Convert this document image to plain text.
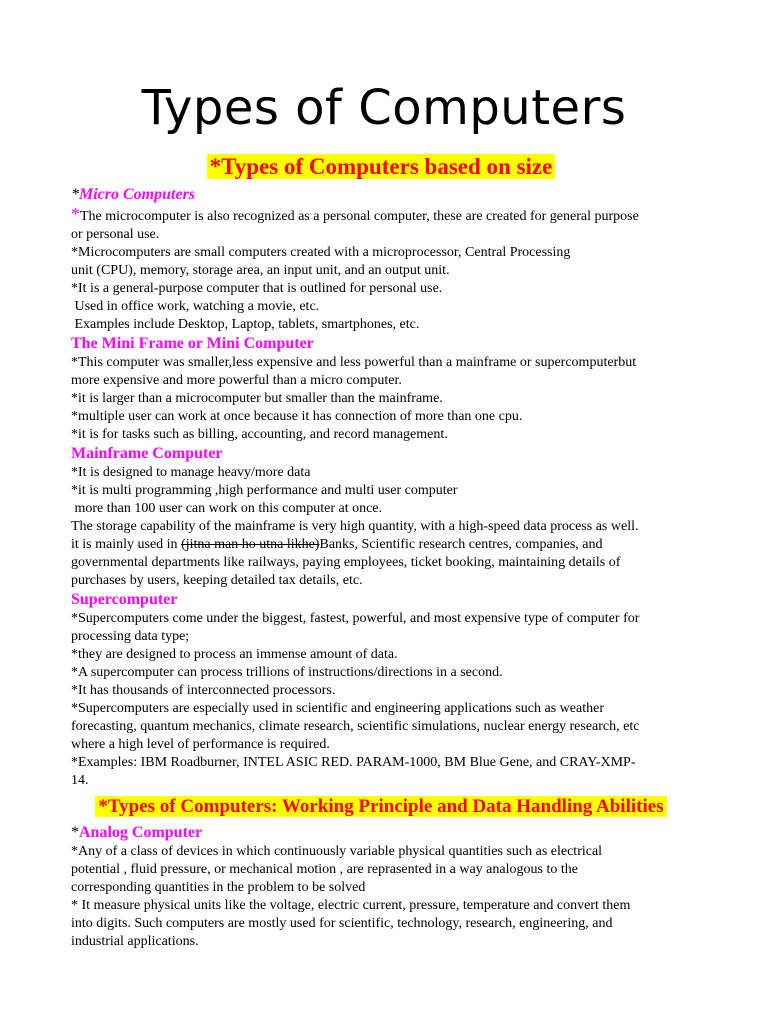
Types of Computers

*Types of Computers based on size

*Micro Computers

*The microcomputer is also recognized as a personal computer, these are created for general purpose

or personal use.

*Microcomputers are small computers created with a microprocessor, Central Processing

unit (CPU), memory, storage area, an input unit, and an output unit.

*It is a general-purpose computer that is outlined for personal use.

Used in office work, watching a movie, etc.

Examples include Desktop, Laptop, tablets, smartphones, etc.

The Mini Frame or Mini Computer

*This computer was smaller,less expensive and less powerful than a mainframe or supercomputerbut

more expensive and more powerful than a micro computer.

*it is larger than a microcomputer but smaller than the mainframe.

*multiple user can work at once because it has connection of more than one cpu.

*it is for tasks such as billing, accounting, and record management.

Mainframe Computer

*It is designed to manage heavy/more data

*it is multi programming ,high performance and multi user computer

more than 100 user can work on this computer at once.

The storage capability of the mainframe is very high quantity, with a high-speed data process as well.

it is mainly used in (jitna man ho utna likhe)Banks, Scientific research centres, companies, and

governmental departments like railways, paying employees, ticket booking, maintaining details of

purchases by users, keeping detailed tax details, etc.

Supercomputer

*Supercomputers come under the biggest, fastest, powerful, and most expensive type of computer for

processing data type;

*they are designed to process an immense amount of data.

*A supercomputer can process trillions of instructions/directions in a second.

*It has thousands of interconnected processors.

*Supercomputers are especially used in scientific and engineering applications such as weather

forecasting, quantum mechanics, climate research, scientific simulations, nuclear energy research, etc

where a high level of performance is required.

*Examples: IBM Roadburner, INTEL ASIC RED. PARAM-1000, BM Blue Gene, and CRAY-XMP-

14.

*Types of Computers: Working Principle and Data Handling Abilities

*Analog Computer

*Any of a class of devices in which continuously variable physical quantities such as electrical

potential , fluid pressure, or mechanical motion , are reprasented in a way analogous to the

corresponding quantities in the problem to be solved

* It measure physical units like the voltage, electric current, pressure, temperature and convert them

into digits. Such computers are mostly used for scientific, technology, research, engineering, and

industrial applications.
